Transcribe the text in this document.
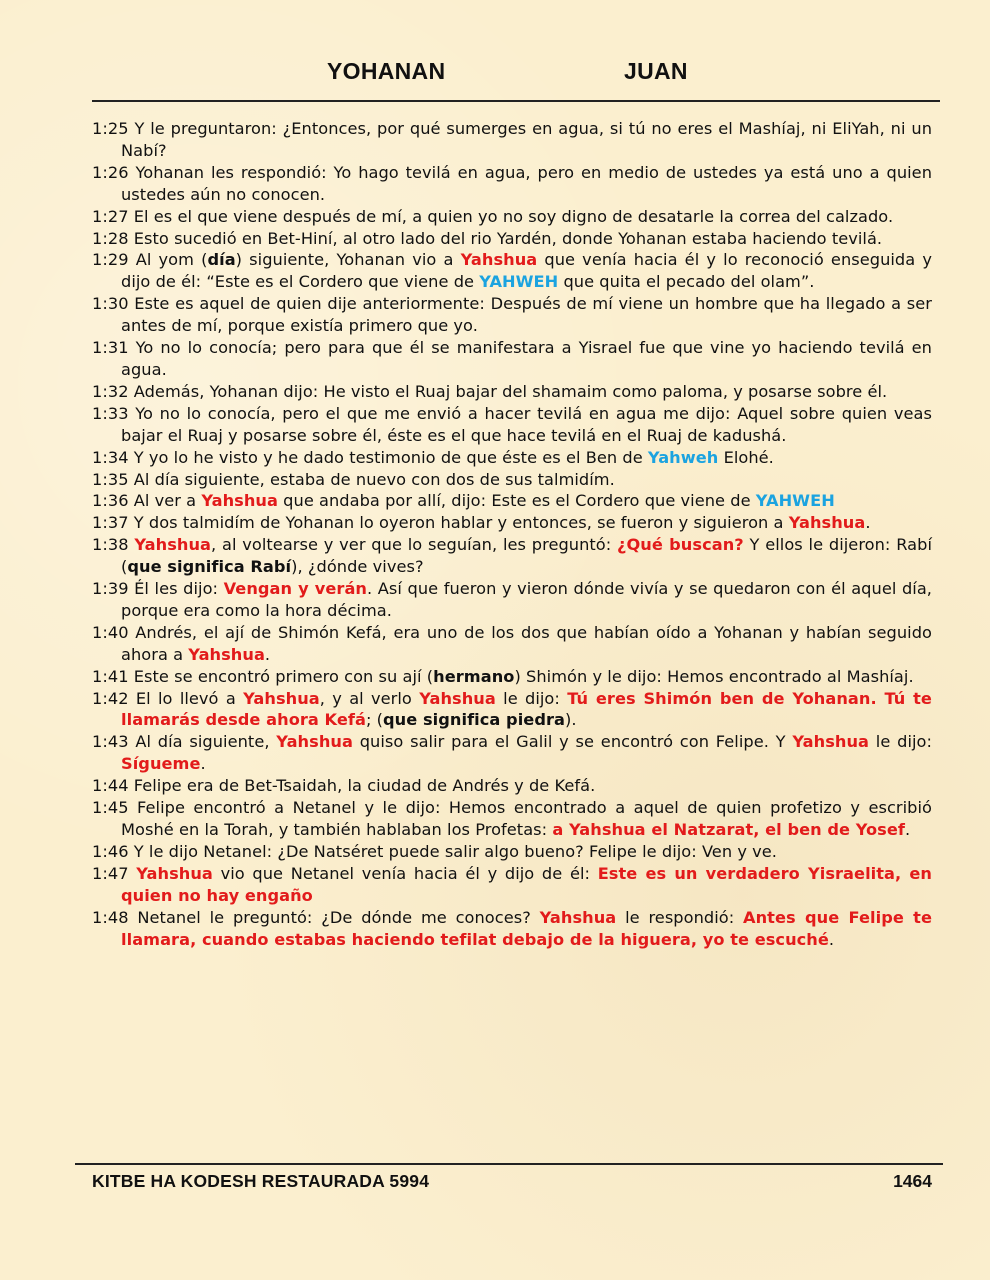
YOHANAN	JUAN

1:25 Y le preguntaron: ¿Entonces, por qué sumerges en agua, si tú no eres el Mashíaj, ni EliYah, ni un Nabí?

1:26 Yohanan les respondió: Yo hago tevilá en agua, pero en medio de ustedes ya está uno a quien ustedes aún no conocen.

1:27 El es el que viene después de mí, a quien yo no soy digno de desatarle la correa del calzado.

1:28 Esto sucedió en Bet-Hiní, al otro lado del rio Yardén, donde Yohanan estaba haciendo tevilá.

1:29 Al yom (día) siguiente, Yohanan vio a Yahshua que venía hacia él y lo reconoció enseguida y dijo de él: “Este es el Cordero que viene de YAHWEH que quita el pecado del olam”.

1:30 Este es aquel de quien dije anteriormente: Después de mí viene un hombre que ha llegado a ser antes de mí, porque existía primero que yo.

1:31 Yo no lo conocía; pero para que él se manifestara a Yisrael fue que vine yo haciendo tevilá en agua.

1:32 Además, Yohanan dijo: He visto el Ruaj bajar del shamaim como paloma, y posarse sobre él.

1:33 Yo no lo conocía, pero el que me envió a hacer tevilá en agua me dijo: Aquel sobre quien veas bajar el Ruaj y posarse sobre él, éste es el que hace tevilá en el Ruaj de kadushá.

1:34 Y yo lo he visto y he dado testimonio de que éste es el Ben de Yahweh Elohé.

1:35 Al día siguiente, estaba de nuevo con dos de sus talmidím.

1:36 Al ver a Yahshua que andaba por allí, dijo: Este es el Cordero que viene de YAHWEH

1:37 Y dos talmidím de Yohanan lo oyeron hablar y entonces, se fueron y siguieron a Yahshua.

1:38 Yahshua, al voltearse y ver que lo seguían, les preguntó: ¿Qué buscan? Y ellos le dijeron: Rabí (que significa Rabí), ¿dónde vives?

1:39 Él les dijo: Vengan y verán. Así que fueron y vieron dónde vivía y se quedaron con él aquel día, porque era como la hora décima.

1:40 Andrés, el ají de Shimón Kefá, era uno de los dos que habían oído a Yohanan y habían seguido ahora a Yahshua.

1:41 Este se encontró primero con su ají (hermano) Shimón y le dijo: Hemos encontrado al Mashíaj.

1:42 El lo llevó a Yahshua, y al verlo Yahshua le dijo: Tú eres Shimón ben de Yohanan. Tú te llamarás desde ahora Kefá; (que significa piedra).

1:43 Al día siguiente, Yahshua quiso salir para el Galil y se encontró con Felipe. Y Yahshua le dijo: Sígueme.

1:44 Felipe era de Bet-Tsaidah, la ciudad de Andrés y de Kefá.

1:45 Felipe encontró a Netanel y le dijo: Hemos encontrado a aquel de quien profetizo y escribió Moshé en la Torah, y también hablaban los Profetas: a Yahshua el Natzarat, el ben de Yosef.

1:46 Y le dijo Netanel: ¿De Natséret puede salir algo bueno? Felipe le dijo: Ven y ve.

1:47 Yahshua vio que Netanel venía hacia él y dijo de él: Este es un verdadero Yisraelita, en quien no hay engaño

1:48 Netanel le preguntó: ¿De dónde me conoces? Yahshua le respondió: Antes que Felipe te llamara, cuando estabas haciendo tefilat debajo de la higuera, yo te escuché.

KITBE HA KODESH RESTAURADA 5994	1464
